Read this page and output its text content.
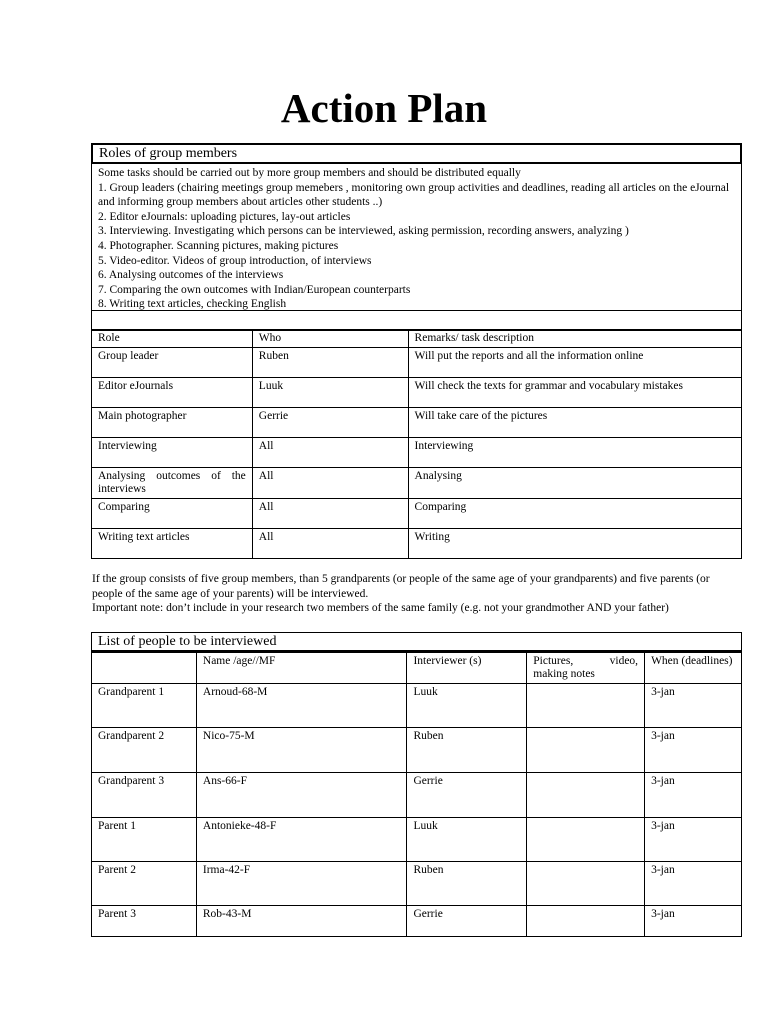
Action Plan
Roles of group members
Some tasks should be carried out by more group members and should be distributed equally
1. Group leaders (chairing meetings group memebers , monitoring own group activities and deadlines, reading all articles on the eJournal and informing group members about articles other students ..)
2. Editor eJournals: uploading pictures, lay-out articles
3. Interviewing. Investigating which persons can be interviewed, asking permission, recording answers, analyzing )
4. Photographer. Scanning pictures, making pictures
5. Video-editor. Videos of group introduction, of interviews
6. Analysing outcomes of the interviews
7. Comparing the own outcomes with Indian/European counterparts
8. Writing text articles, checking English
Role	Who	Remarks/ task description
Group leader	Ruben	Will put the reports and all the information online
Editor eJournals	Luuk	Will check the texts for grammar and vocabulary mistakes
Main photographer	Gerrie	Will take care of the pictures
Interviewing	All	Interviewing
Analysing outcomes of the interviews	All	Analysing
Comparing	All	Comparing
Writing text articles	All	Writing
If the group consists of five group members, than 5 grandparents (or people of the same age of your grandparents) and five parents (or people of the same age of your parents) will be interviewed.
Important note: don’t include in your research two members of the same family (e.g. not your grandmother AND your father)
List of people to be interviewed
	Name /age//MF	Interviewer (s)	Pictures, video, making notes	When (deadlines)
Grandparent 1	Arnoud-68-M	Luuk		3-jan
Grandparent 2	Nico-75-M	Ruben		3-jan
Grandparent 3	Ans-66-F	Gerrie		3-jan
Parent 1	Antonieke-48-F	Luuk		3-jan
Parent 2	Irma-42-F	Ruben		3-jan
Parent 3	Rob-43-M	Gerrie		3-jan
